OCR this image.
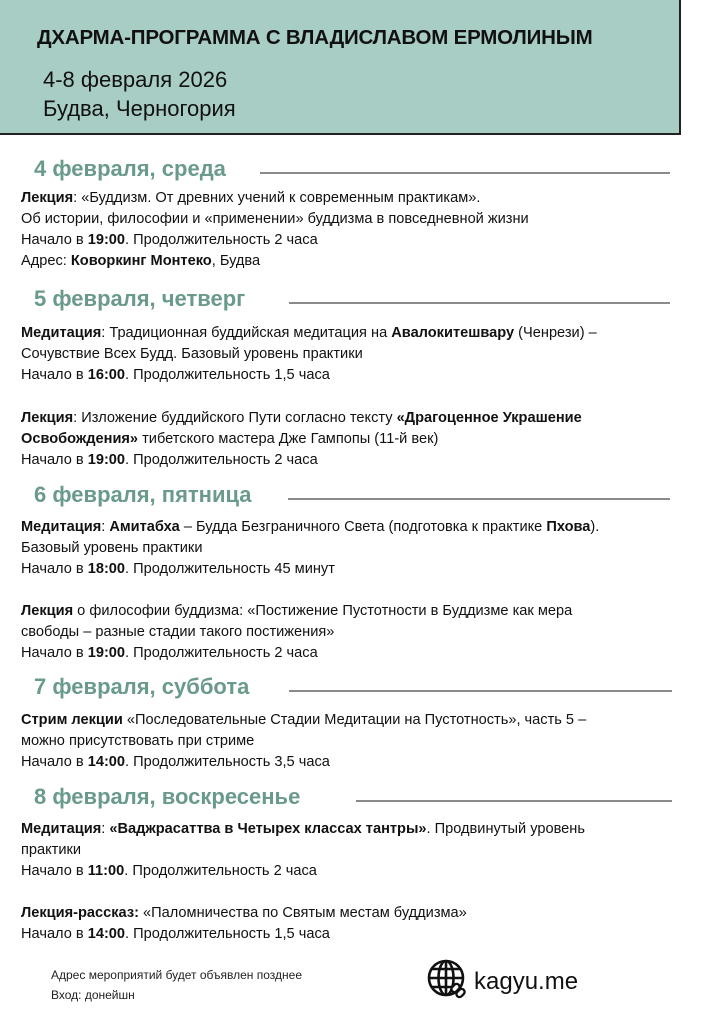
ДХАРМА-ПРОГРАММА С ВЛАДИСЛАВОМ ЕРМОЛИНЫМ
4-8 февраля 2026
Будва, Черногория
4 февраля, среда
5 февраля, четверг
6 февраля, пятница
7 февраля, суббота
8 февраля, воскресенье
Адрес мероприятий будет объявлен позднее
Вход: донейшн
kagyu.me
Лекция: «Буддизм. От древних учений к современным практикам».
Об истории, философии и «применении» буддизма в повседневной жизни
Начало в 19:00. Продолжительность 2 часа
Адрес: Коворкинг Монтеко, Будва
Медитация: Традиционная буддийская медитация на Авалокитешвару (Ченрези) –
Сочувствие Всех Будд. Базовый уровень практики
Начало в 16:00. Продолжительность 1,5 часа
Лекция: Изложение буддийского Пути согласно тексту «Драгоценное Украшение
Освобождения» тибетского мастера Дже Гампопы (11-й век)
Начало в 19:00. Продолжительность 2 часа
Медитация: Амитабха – Будда Безграничного Света (подготовка к практике Пхова).
Базовый уровень практики
Начало в 18:00. Продолжительность 45 минут
Лекция о философии буддизма: «Постижение Пустотности в Буддизме как мера
свободы – разные стадии такого постижения»
Начало в 19:00. Продолжительность 2 часа
Стрим лекции «Последовательные Стадии Медитации на Пустотность», часть 5 –
можно присутствовать при стриме
Начало в 14:00. Продолжительность 3,5 часа
Медитация: «Ваджрасаттва в Четырех классах тантры». Продвинутый уровень
практики
Начало в 11:00. Продолжительность 2 часа
Лекция-рассказ: «Паломничества по Святым местам буддизма»
Начало в 14:00. Продолжительность 1,5 часа
